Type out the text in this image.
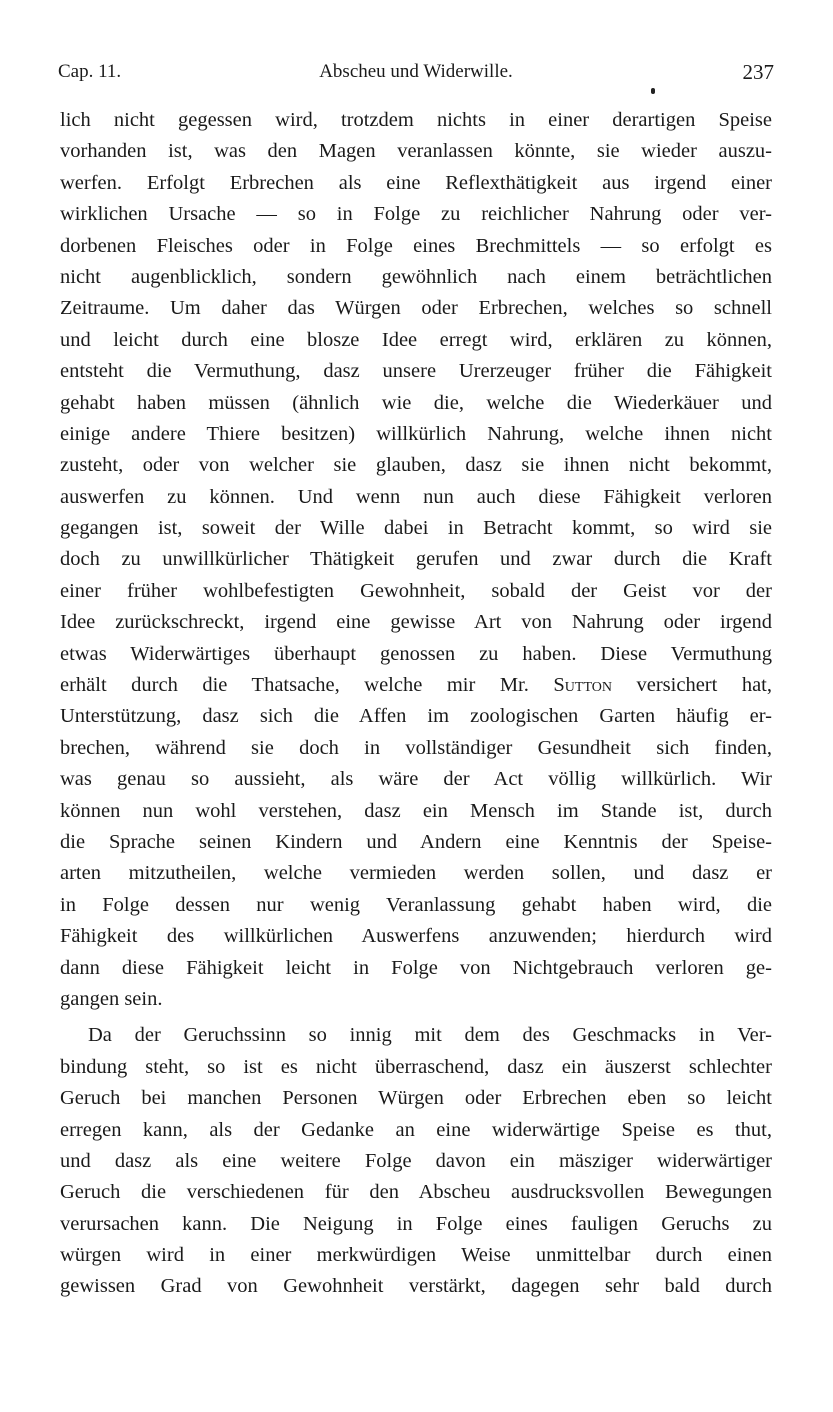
Cap. 11.	Abscheu und Widerwille.	237
lich nicht gegessen wird, trotzdem nichts in einer derartigen Speise
vorhanden ist, was den Magen veranlassen könnte, sie wieder auszu-
werfen. Erfolgt Erbrechen als eine Reflexthätigkeit aus irgend einer
wirklichen Ursache — so in Folge zu reichlicher Nahrung oder ver-
dorbenen Fleisches oder in Folge eines Brechmittels — so erfolgt es
nicht augenblicklich, sondern gewöhnlich nach einem beträchtlichen
Zeitraume. Um daher das Würgen oder Erbrechen, welches so schnell
und leicht durch eine blosze Idee erregt wird, erklären zu können,
entsteht die Vermuthung, dasz unsere Urerzeuger früher die Fähigkeit
gehabt haben müssen (ähnlich wie die, welche die Wiederkäuer und
einige andere Thiere besitzen) willkürlich Nahrung, welche ihnen nicht
zusteht, oder von welcher sie glauben, dasz sie ihnen nicht bekommt,
auswerfen zu können. Und wenn nun auch diese Fähigkeit verloren
gegangen ist, soweit der Wille dabei in Betracht kommt, so wird sie
doch zu unwillkürlicher Thätigkeit gerufen und zwar durch die Kraft
einer früher wohlbefestigten Gewohnheit, sobald der Geist vor der
Idee zurückschreckt, irgend eine gewisse Art von Nahrung oder irgend
etwas Widerwärtiges überhaupt genossen zu haben. Diese Vermuthung
erhält durch die Thatsache, welche mir Mr. Sutton versichert hat,
Unterstützung, dasz sich die Affen im zoologischen Garten häufig er-
brechen, während sie doch in vollständiger Gesundheit sich finden,
was genau so aussieht, als wäre der Act völlig willkürlich. Wir
können nun wohl verstehen, dasz ein Mensch im Stande ist, durch
die Sprache seinen Kindern und Andern eine Kenntnis der Speise-
arten mitzutheilen, welche vermieden werden sollen, und dasz er
in Folge dessen nur wenig Veranlassung gehabt haben wird, die
Fähigkeit des willkürlichen Auswerfens anzuwenden; hierdurch wird
dann diese Fähigkeit leicht in Folge von Nichtgebrauch verloren ge-
gangen sein.
Da der Geruchssinn so innig mit dem des Geschmacks in Ver-
bindung steht, so ist es nicht überraschend, dasz ein äuszerst schlechter
Geruch bei manchen Personen Würgen oder Erbrechen eben so leicht
erregen kann, als der Gedanke an eine widerwärtige Speise es thut,
und dasz als eine weitere Folge davon ein mäsziger widerwärtiger
Geruch die verschiedenen für den Abscheu ausdrucksvollen Bewegungen
verursachen kann. Die Neigung in Folge eines fauligen Geruchs zu
würgen wird in einer merkwürdigen Weise unmittelbar durch einen
gewissen Grad von Gewohnheit verstärkt, dagegen sehr bald durch
